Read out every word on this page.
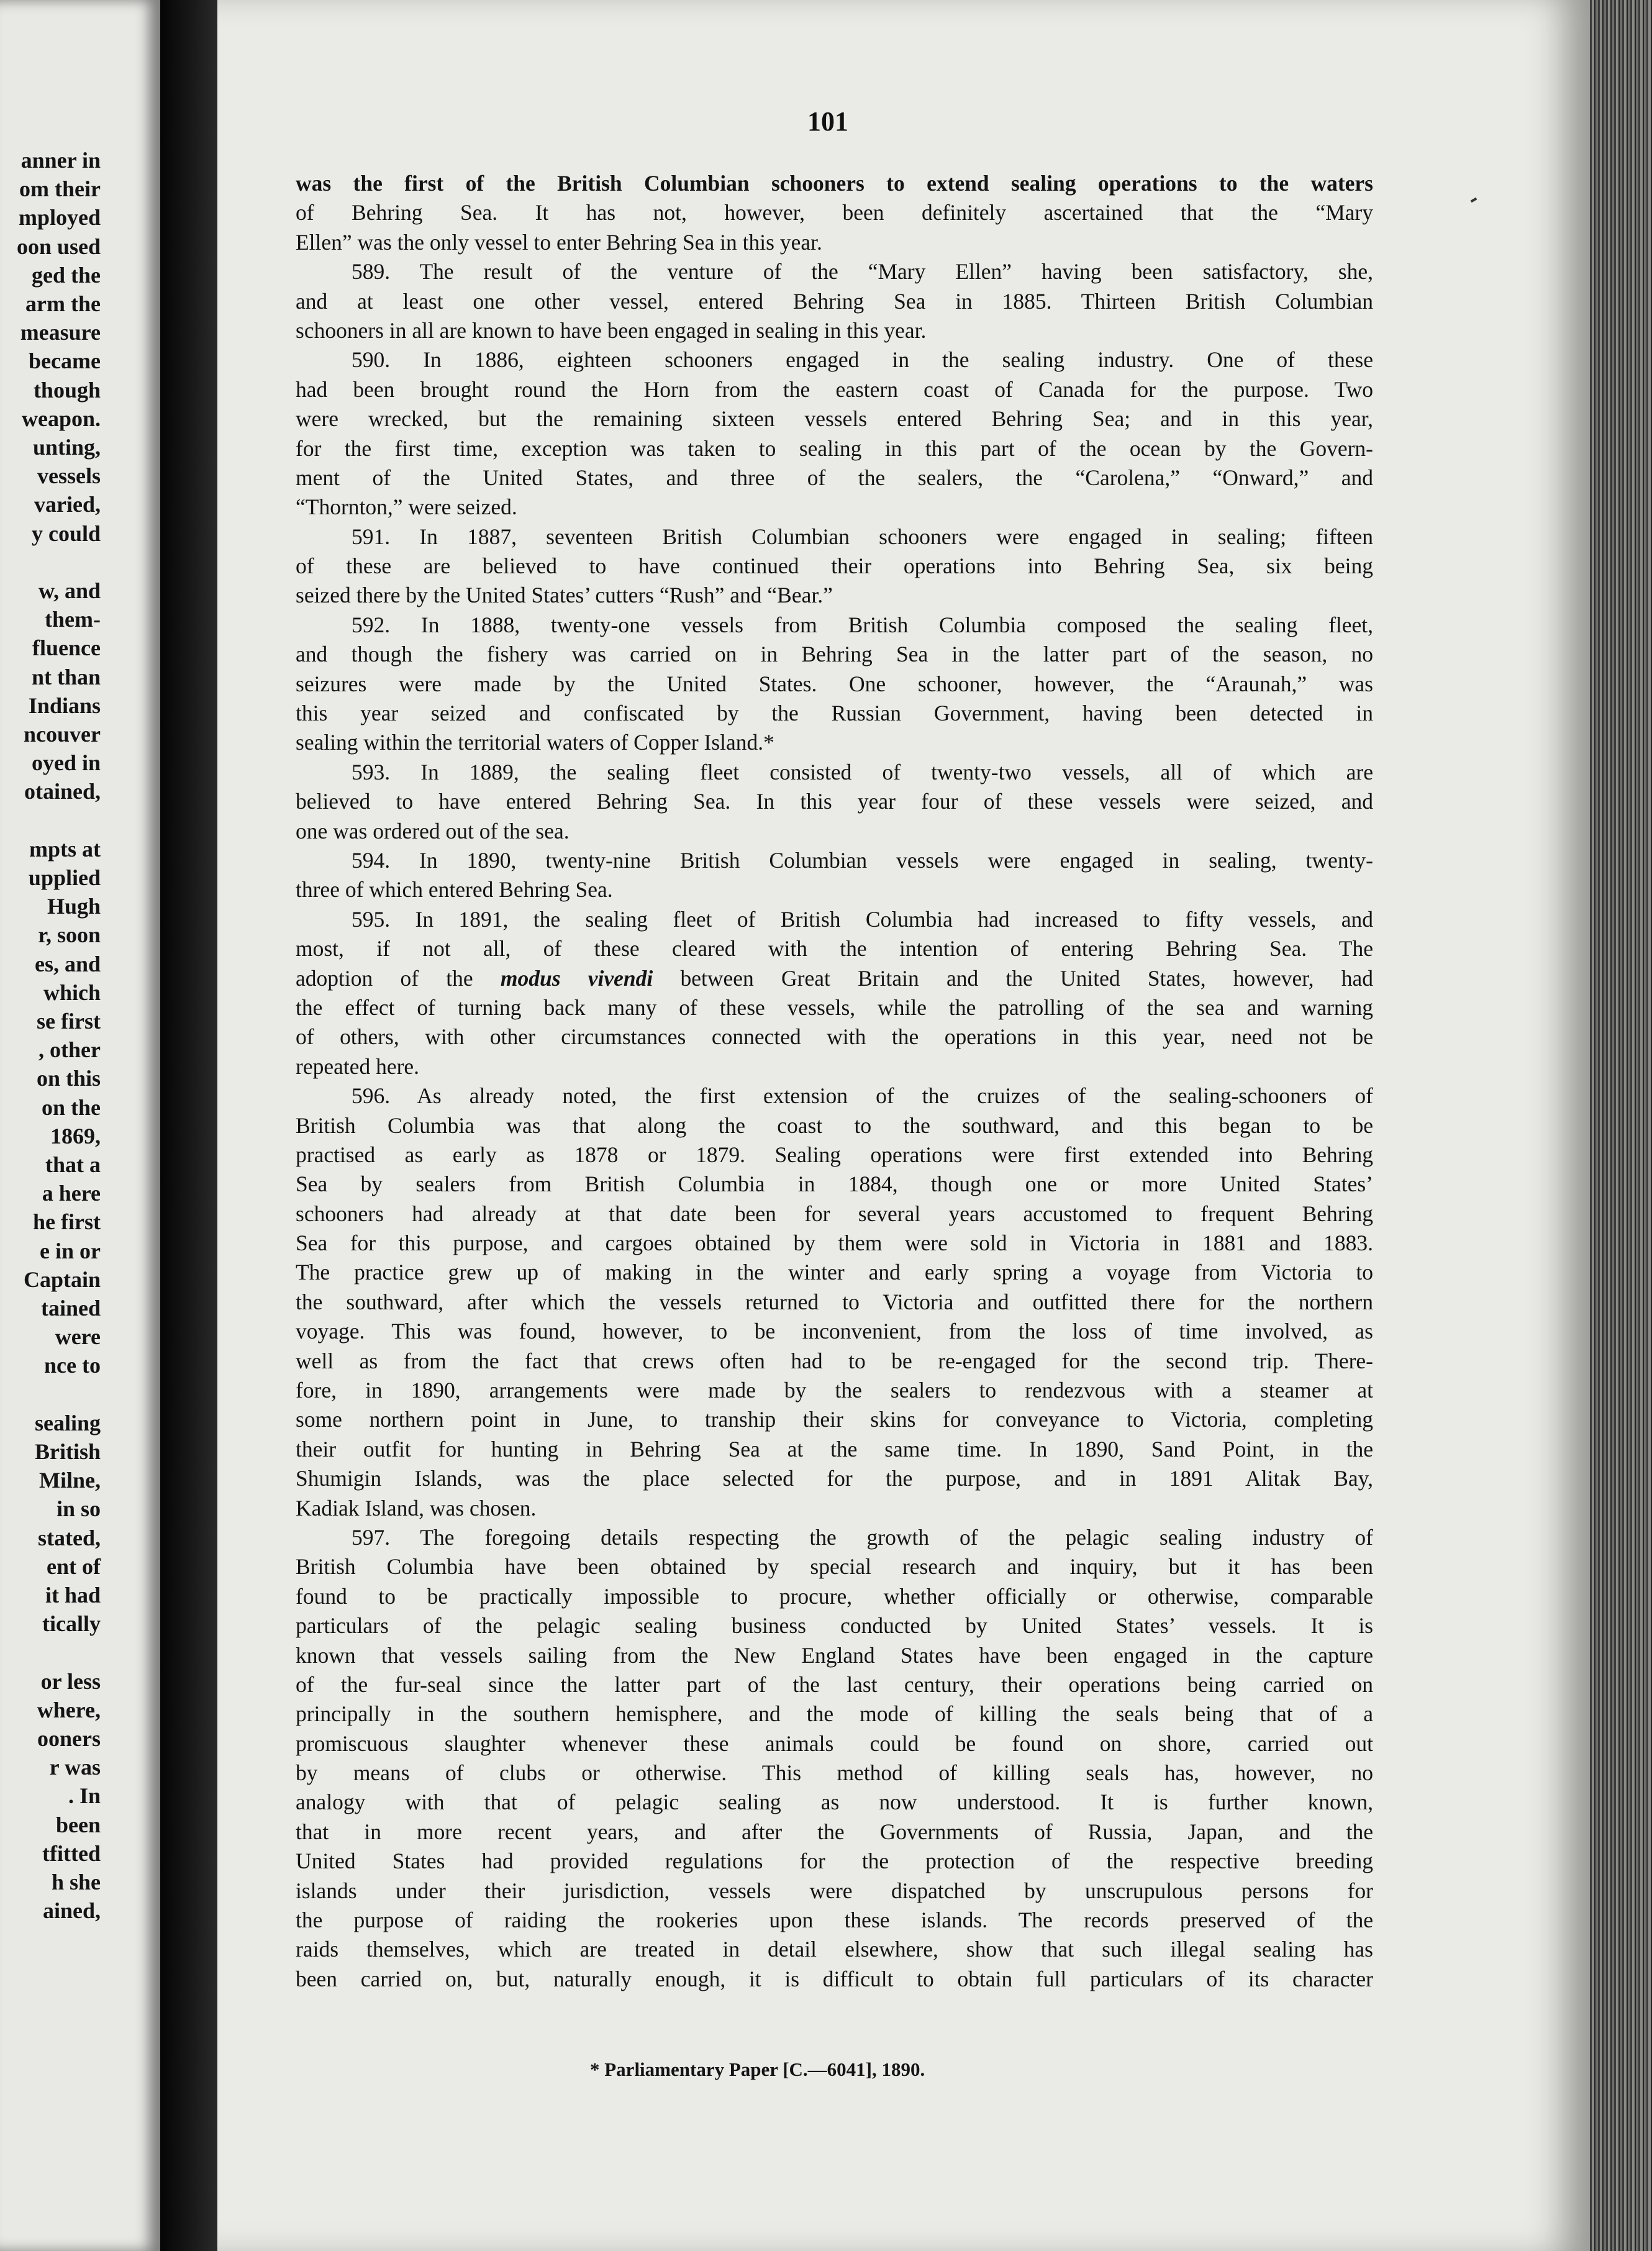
anner in
om their
mployed
oon used
ged the
arm the
measure
became
though
weapon.
unting,
vessels
varied,
y could
w, and
them-
fluence
nt than
Indians
ncouver
oyed in
otained,
mpts at
upplied
Hugh
r, soon
es, and
which
se first
, other
on this
on the
1869,
that a
a here
he first
e in or
Captain
tained
were
nce to
sealing
British
Milne,
in so
stated,
ent of
it had
tically
or less
where,
ooners
r was
. In
been
tfitted
h she
ained,
101
was the first of the British Columbian schooners to extend sealing operations to the waters
of Behring Sea. It has not, however, been definitely ascertained that the “Mary
Ellen” was the only vessel to enter Behring Sea in this year.
589. The result of the venture of the “Mary Ellen” having been satisfactory, she,
and at least one other vessel, entered Behring Sea in 1885. Thirteen British Columbian
schooners in all are known to have been engaged in sealing in this year.
590. In 1886, eighteen schooners engaged in the sealing industry. One of these
had been brought round the Horn from the eastern coast of Canada for the purpose. Two
were wrecked, but the remaining sixteen vessels entered Behring Sea; and in this year,
for the first time, exception was taken to sealing in this part of the ocean by the Govern-
ment of the United States, and three of the sealers, the “Carolena,” “Onward,” and
“Thornton,” were seized.
591. In 1887, seventeen British Columbian schooners were engaged in sealing; fifteen
of these are believed to have continued their operations into Behring Sea, six being
seized there by the United States’ cutters “Rush” and “Bear.”
592. In 1888, twenty-one vessels from British Columbia composed the sealing fleet,
and though the fishery was carried on in Behring Sea in the latter part of the season, no
seizures were made by the United States. One schooner, however, the “Araunah,” was
this year seized and confiscated by the Russian Government, having been detected in
sealing within the territorial waters of Copper Island.*
593. In 1889, the sealing fleet consisted of twenty-two vessels, all of which are
believed to have entered Behring Sea. In this year four of these vessels were seized, and
one was ordered out of the sea.
594. In 1890, twenty-nine British Columbian vessels were engaged in sealing, twenty-
three of which entered Behring Sea.
595. In 1891, the sealing fleet of British Columbia had increased to fifty vessels, and
most, if not all, of these cleared with the intention of entering Behring Sea. The
adoption of the modus vivendi between Great Britain and the United States, however, had
the effect of turning back many of these vessels, while the patrolling of the sea and warning
of others, with other circumstances connected with the operations in this year, need not be
repeated here.
596. As already noted, the first extension of the cruizes of the sealing-schooners of
British Columbia was that along the coast to the southward, and this began to be
practised as early as 1878 or 1879. Sealing operations were first extended into Behring
Sea by sealers from British Columbia in 1884, though one or more United States’
schooners had already at that date been for several years accustomed to frequent Behring
Sea for this purpose, and cargoes obtained by them were sold in Victoria in 1881 and 1883.
The practice grew up of making in the winter and early spring a voyage from Victoria to
the southward, after which the vessels returned to Victoria and outfitted there for the northern
voyage. This was found, however, to be inconvenient, from the loss of time involved, as
well as from the fact that crews often had to be re-engaged for the second trip. There-
fore, in 1890, arrangements were made by the sealers to rendezvous with a steamer at
some northern point in June, to tranship their skins for conveyance to Victoria, completing
their outfit for hunting in Behring Sea at the same time. In 1890, Sand Point, in the
Shumigin Islands, was the place selected for the purpose, and in 1891 Alitak Bay,
Kadiak Island, was chosen.
597. The foregoing details respecting the growth of the pelagic sealing industry of
British Columbia have been obtained by special research and inquiry, but it has been
found to be practically impossible to procure, whether officially or otherwise, comparable
particulars of the pelagic sealing business conducted by United States’ vessels. It is
known that vessels sailing from the New England States have been engaged in the capture
of the fur-seal since the latter part of the last century, their operations being carried on
principally in the southern hemisphere, and the mode of killing the seals being that of a
promiscuous slaughter whenever these animals could be found on shore, carried out
by means of clubs or otherwise. This method of killing seals has, however, no
analogy with that of pelagic sealing as now understood. It is further known,
that in more recent years, and after the Governments of Russia, Japan, and the
United States had provided regulations for the protection of the respective breeding
islands under their jurisdiction, vessels were dispatched by unscrupulous persons for
the purpose of raiding the rookeries upon these islands. The records preserved of the
raids themselves, which are treated in detail elsewhere, show that such illegal sealing has
been carried on, but, naturally enough, it is difficult to obtain full particulars of its character
* Parliamentary Paper [C.—6041], 1890.
